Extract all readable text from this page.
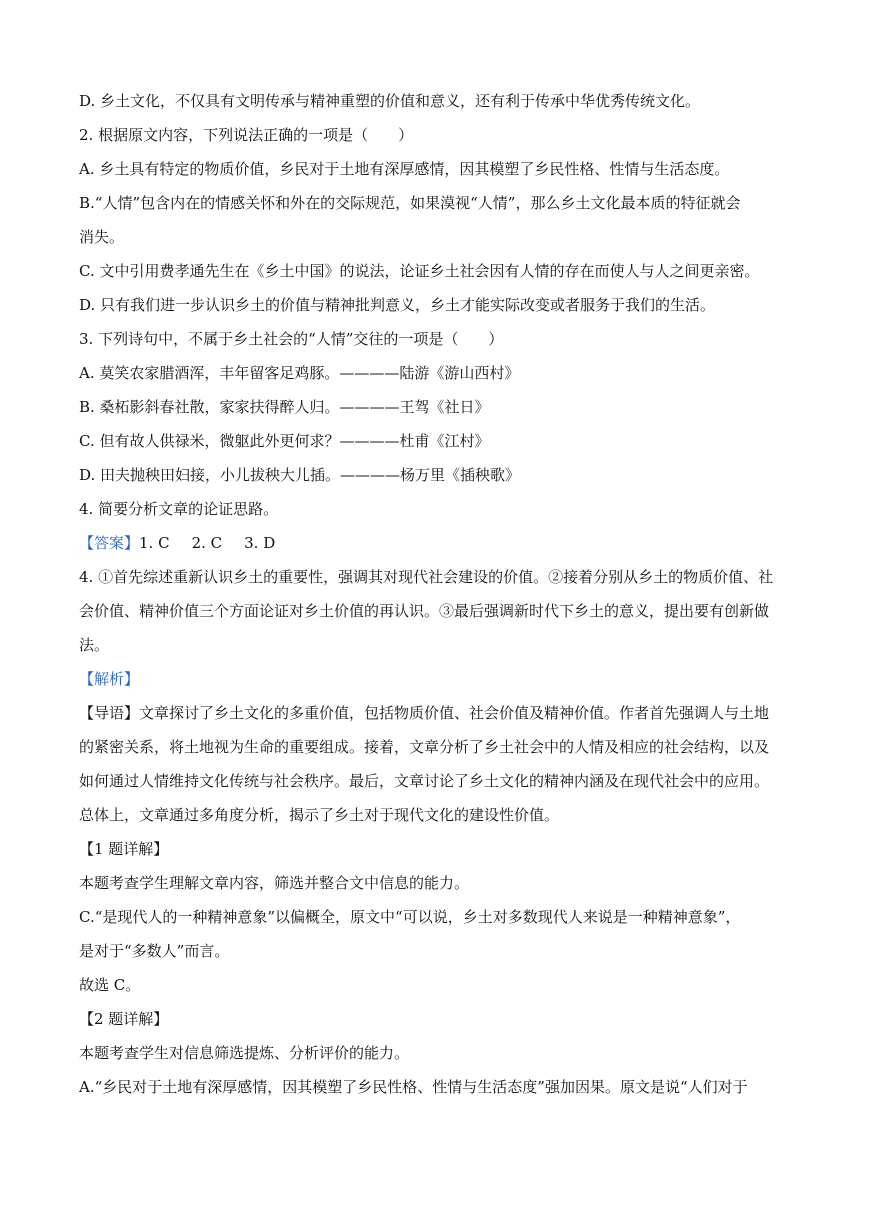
D. 乡土文化，不仅具有文明传承与精神重塑的价值和意义，还有利于传承中华优秀传统文化。
2. 根据原文内容，下列说法正确的一项是（　　）
A. 乡土具有特定的物质价值，乡民对于土地有深厚感情，因其模塑了乡民性格、性情与生活态度。
B.“人情”包含内在的情感关怀和外在的交际规范，如果漠视“人情”，那么乡土文化最本质的特征就会
消失。
C. 文中引用费孝通先生在《乡土中国》的说法，论证乡土社会因有人情的存在而使人与人之间更亲密。
D. 只有我们进一步认识乡土的价值与精神批判意义，乡土才能实际改变或者服务于我们的生活。
3. 下列诗句中，不属于乡土社会的“人情”交往的一项是（　　）
A. 莫笑农家腊酒浑，丰年留客足鸡豚。————陆游《游山西村》
B. 桑柘影斜春社散，家家扶得醉人归。————王驾《社日》
C. 但有故人供禄米，微躯此外更何求？————杜甫《江村》
D. 田夫抛秧田妇接，小儿拔秧大儿插。————杨万里《插秧歌》
4. 简要分析文章的论证思路。
【答案】1. C 2. C 3. D
4. ①首先综述重新认识乡土的重要性，强调其对现代社会建设的价值。②接着分别从乡土的物质价值、社
会价值、精神价值三个方面论证对乡土价值的再认识。③最后强调新时代下乡土的意义，提出要有创新做
法。
【解析】
【导语】文章探讨了乡土文化的多重价值，包括物质价值、社会价值及精神价值。作者首先强调人与土地
的紧密关系，将土地视为生命的重要组成。接着，文章分析了乡土社会中的人情及相应的社会结构，以及
如何通过人情维持文化传统与社会秩序。最后，文章讨论了乡土文化的精神内涵及在现代社会中的应用。
总体上，文章通过多角度分析，揭示了乡土对于现代文化的建设性价值。
【1 题详解】
本题考查学生理解文章内容，筛选并整合文中信息的能力。
C.“是现代人的一种精神意象”以偏概全，原文中“可以说，乡土对多数现代人来说是一种精神意象”，
是对于“多数人”而言。
故选 C。
【2 题详解】
本题考查学生对信息筛选提炼、分析评价的能力。
A.“乡民对于土地有深厚感情，因其模塑了乡民性格、性情与生活态度”强加因果。原文是说“人们对于
